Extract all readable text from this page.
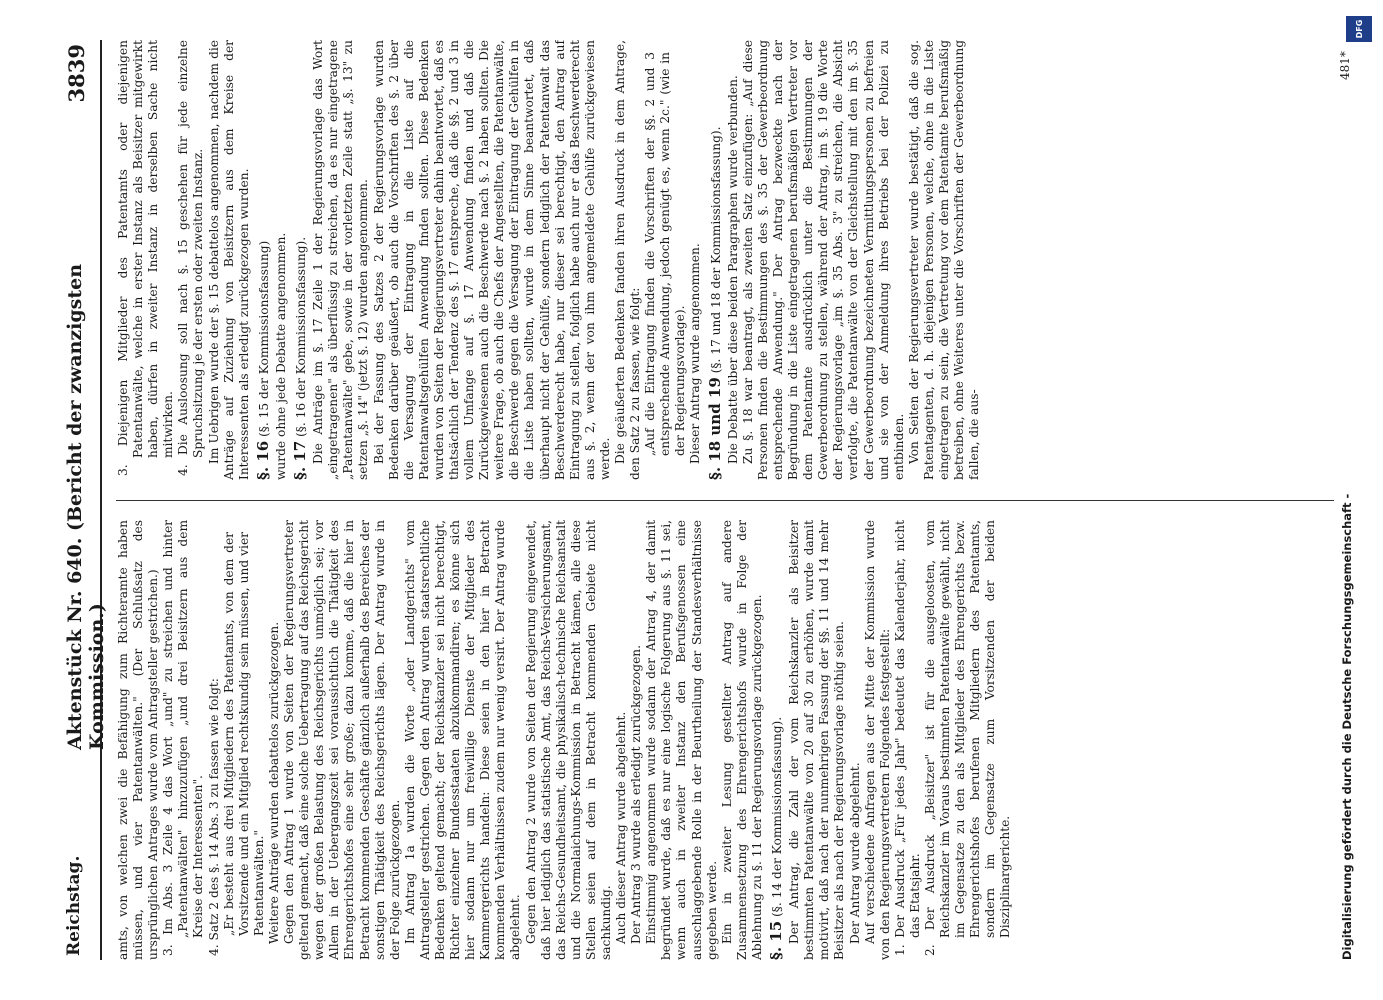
Reichstag.
Aktenstück Nr. 640. (Bericht der zwanzigsten Kommission.)
3839

amts, von welchen zwei die Befähigung zum Richteramte haben müssen, und vier Patentanwälten." (Der Schlußsatz des ursprünglichen Antrages wurde vom Antragsteller gestrichen.) 3. Im Abs. 3 Zeile 4 das Wort „und" zu streichen und hinter „Patentanwälten" hinzuzufügen „und drei Beisitzern aus dem Kreise der Interessenten". 4. Satz 2 des §. 14 Abs. 3 zu fassen wie folgt: „Er besteht aus drei Mitgliedern des Patentamts, von dem der Vorsitzende und ein Mitglied rechtskundig sein müssen, und vier Patentanwälten." Weitere Anträge wurden debattelos zurückgezogen. Gegen den Antrag 1 wurde von Seiten der Regierungsvertreter geltend gemacht, daß eine solche Uebertragung auf das Reichsgericht wegen der großen Belastung des Reichsgerichts unmöglich sei; vor Allem in der Uebergangszeit sei voraussichtlich die Thätigkeit des Ehrengerichtshofes eine sehr große; dazu komme, daß die hier in Betracht kommenden Geschäfte gänzlich außerhalb des Bereiches der sonstigen Thätigkeit des Reichsgerichts lägen. Der Antrag wurde in der Folge zurückgezogen. Im Antrag 1a wurden die Worte „oder Landgerichts" vom Antragsteller gestrichen. Gegen den Antrag wurden staatsrechtliche Bedenken geltend gemacht; der Reichskanzler sei nicht berechtigt, Richter einzelner Bundesstaaten abzukommandiren; es könne sich hier sodann nur um freiwillige Dienste der Mitglieder des Kammergerichts handeln: Diese seien in den hier in Betracht kommenden Verhältnissen zudem nur wenig versirt. Der Antrag wurde abgelehnt. Gegen den Antrag 2 wurde von Seiten der Regierung eingewendet, daß hier lediglich das statistische Amt, das Reichs-Versicherungsamt, das Reichs-Gesundheitsamt, die physikalisch-technische Reichsanstalt und die Normalaichungs-Kommission in Betracht kämen, alle diese Stellen seien auf dem in Betracht kommenden Gebiete nicht sachkundig. Auch dieser Antrag wurde abgelehnt. Der Antrag 3 wurde als erledigt zurückgezogen. Einstimmig angenommen wurde sodann der Antrag 4, der damit begründet wurde, daß es nur eine logische Folgerung aus §. 11 sei, wenn auch in zweiter Instanz den Berufsgenossen eine ausschlaggebende Rolle in der Beurtheilung der Standesverhältnisse gegeben werde. Ein in zweiter Lesung gestellter Antrag auf andere Zusammensetzung des Ehrengerichtshofs wurde in Folge der Ablehnung zu §. 11 der Regierungsvorlage zurückgezogen. §. 15 (§. 14 der Kommissionsfassung). Der Antrag, die Zahl der vom Reichskanzler als Beisitzer bestimmten Patentanwälte von 20 auf 30 zu erhöhen, wurde damit motivirt, daß nach der nunmehrigen Fassung der §§. 11 und 14 mehr Beisitzer als nach der Regierungsvorlage nöthig seien. Der Antrag wurde abgelehnt. Auf verschiedene Anfragen aus der Mitte der Kommission wurde von den Regierungsvertretern Folgendes festgestellt: 1. Der Ausdruck „Für jedes Jahr" bedeutet das Kalenderjahr, nicht das Etatsjahr. 2. Der Ausdruck „Beisitzer" ist für die ausgeloosten, vom Reichskanzler im Voraus bestimmten Patentanwälte gewählt, nicht im Gegensatze zu den als Mitglieder des Ehrengerichts bezw. Ehrengerichtshofes berufenen Mitgliedern des Patentamts, sondern im Gegensatze zum Vorsitzenden der beiden Disziplinargerichte.

3. Diejenigen Mitglieder des Patentamts oder diejenigen Patentanwälte, welche in erster Instanz als Beisitzer mitgewirkt haben, dürfen in zweiter Instanz in derselben Sache nicht mitwirken. 4. Die Ausloosung soll nach §. 15 geschehen für jede einzelne Spruchsitzung je der ersten oder zweiten Instanz. Im Uebrigen wurde der §. 15 debattelos angenommen, nachdem die Anträge auf Zuziehung von Beisitzern aus dem Kreise der Interessenten als erledigt zurückgezogen wurden. §. 16 (§. 15 der Kommissionsfassung) wurde ohne jede Debatte angenommen. §. 17 (§. 16 der Kommissionsfassung). Die Anträge im §. 17 Zeile 1 der Regierungsvorlage das Wort „eingetragenen" als überflüssig zu streichen, da es nur eingetragene „Patentanwälte" gebe, sowie in der vorletzten Zeile statt „§. 13" zu setzen „§. 14" (jetzt §. 12) wurden angenommen. Bei der Fassung des Satzes 2 der Regierungsvorlage wurden Bedenken darüber geäußert, ob auch die Vorschriften des §. 2 über die Versagung der Eintragung in die Liste auf die Patentanwaltsgehülfen Anwendung finden sollten. Diese Bedenken wurden von Seiten der Regierungsvertreter dahin beantwortet, daß es thatsächlich der Tendenz des §. 17 entspreche, daß die §§. 2 und 3 in vollem Umfange auf §. 17 Anwendung finden und daß die Zurückgewiesenen auch die Beschwerde nach §. 2 haben sollten. Die weitere Frage, ob auch die Chefs der Angestellten, die Patentanwälte, die Beschwerde gegen die Versagung der Eintragung der Gehülfen in die Liste haben sollten, wurde in dem Sinne beantwortet, daß überhaupt nicht der Gehülfe, sondern lediglich der Patentanwalt das Beschwerderecht habe, nur dieser sei berechtigt, den Antrag auf Eintragung zu stellen, folglich habe auch nur er das Beschwerderecht aus §. 2, wenn der von ihm angemeldete Gehülfe zurückgewiesen werde. Die geäußerten Bedenken fanden ihren Ausdruck in dem Antrage, den Satz 2 zu fassen, wie folgt: „Auf die Eintragung finden die Vorschriften der §§. 2 und 3 entsprechende Anwendung, jedoch genügt es, wenn 2c." (wie in der Regierungsvorlage). Dieser Antrag wurde angenommen. §. 18 und 19 (§. 17 und 18 der Kommissionsfassung). Die Debatte über diese beiden Paragraphen wurde verbunden. Zu §. 18 war beantragt, als zweiten Satz einzufügen: „Auf diese Personen finden die Bestimmungen des §. 35 der Gewerbeordnung entsprechende Anwendung." Der Antrag bezweckte nach der Begründung in die Liste eingetragenen berufsmäßigen Vertreter vor dem Patentamte ausdrücklich unter die Bestimmungen der Gewerbeordnung zu stellen, während der Antrag, im §. 19 die Worte der Regierungsvorlage „im §. 35 Abs. 3" zu streichen, die Absicht verfolgte, die Patentanwälte von der Gleichstellung mit den im §. 35 der Gewerbeordnung bezeichneten Vermittlungspersonen zu befreien und sie von der Anmeldung ihres Betriebs bei der Polizei zu entbinden. Von Seiten der Regierungsvertreter wurde bestätigt, daß die sog. Patentagenten, d. h. diejenigen Personen, welche, ohne in die Liste eingetragen zu sein, die Vertretung vor dem Patentamte berufsmäßig betreiben, ohne Weiteres unter die Vorschriften der Gewerbeordnung fallen, die aus-

481*
Digitalisierung gefördert durch die Deutsche Forschungsgemeinschaft -
DFG
